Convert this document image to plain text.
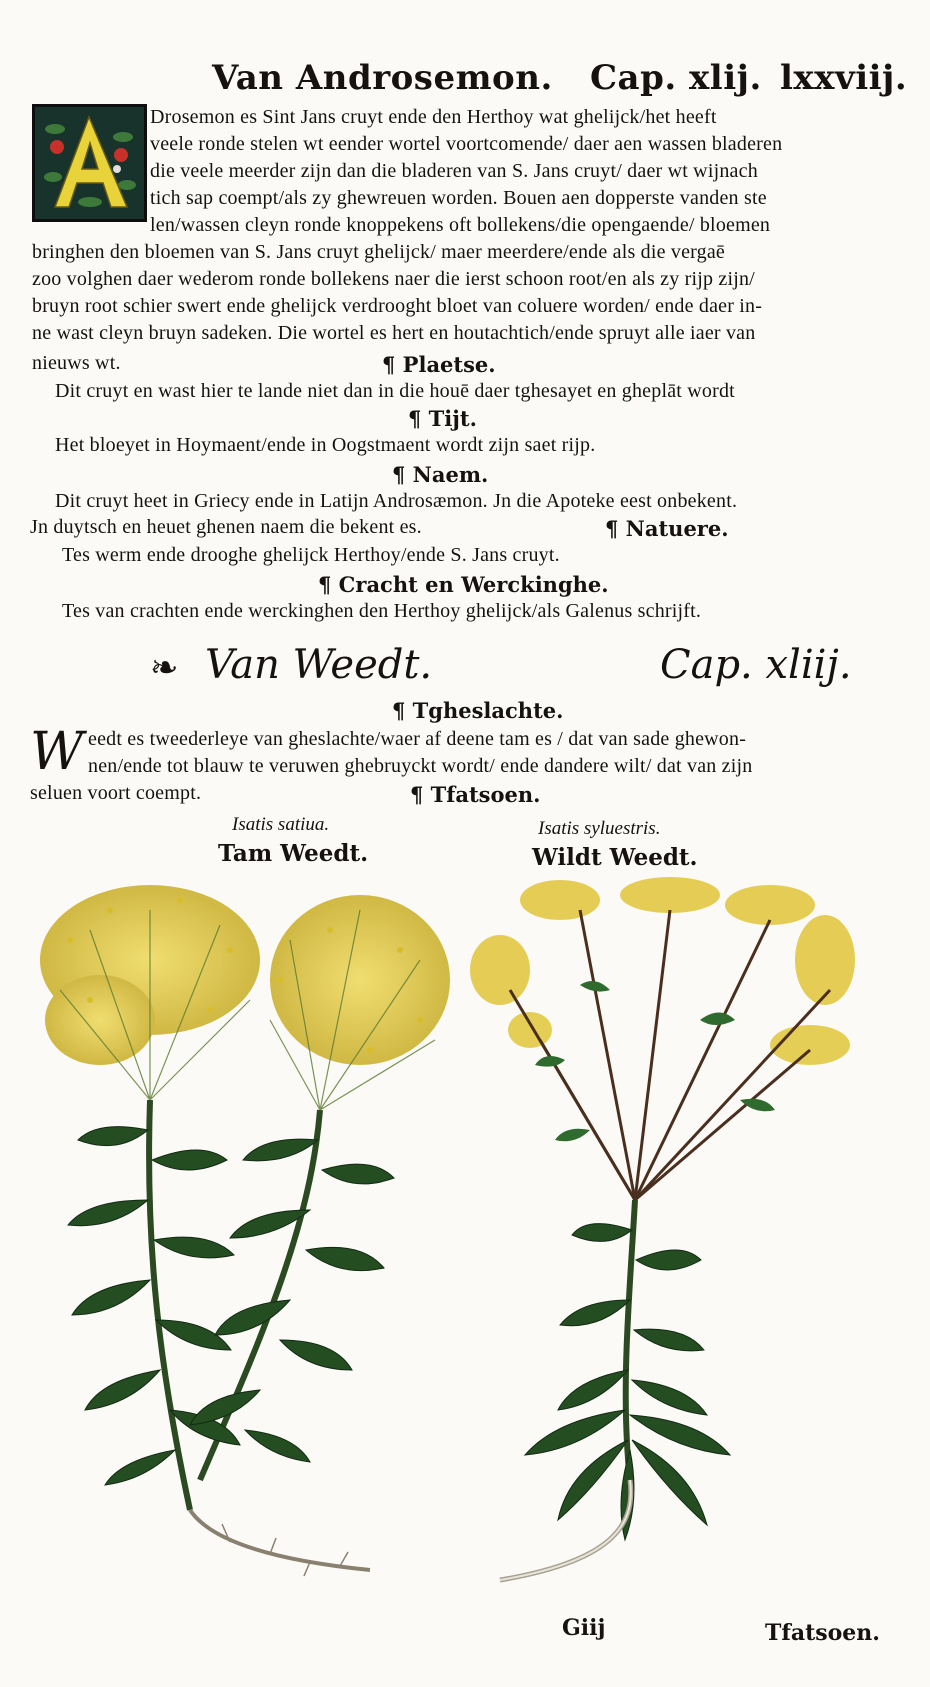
Van Androsemon. Cap. xlij. lxxviij.
Drosemon es Sint Jans cruyt ende den Herthoy wat ghelijck/het heeft
veele ronde stelen wt eender wortel voortcomende/ daer aen wassen bladeren
die veele meerder zijn dan die bladeren van S. Jans cruyt/ daer wt wijnach
tich sap coempt/als zy ghewreuen worden. Bouen aen dopperste vanden ste
len/wassen cleyn ronde knoppekens oft bollekens/die opengaende/ bloemen
bringhen den bloemen van S. Jans cruyt ghelijck/ maer meerdere/ende als die vergaē
zoo volghen daer wederom ronde bollekens naer die ierst schoon root/en als zy rijp zijn/
bruyn root schier swert ende ghelijck verdrooght bloet van coluere worden/ ende daer in-
ne wast cleyn bruyn sadeken. Die wortel es hert en houtachtich/ende spruyt alle iaer van
nieuws wt.	¶ Plaetse.
Dit cruyt en wast hier te lande niet dan in die houē daer tghesayet en gheplāt wordt
¶ Tijt.
Het bloeyet in Hoymaent/ende in Oogstmaent wordt zijn saet rijp.
¶ Naem.
Dit cruyt heet in Griecy ende in Latijn Androsæmon. Jn die Apoteke eest onbekent.
Jn duytsch en heuet ghenen naem die bekent es.	¶ Natuere.
Tes werm ende drooghe ghelijck Herthoy/ende S. Jans cruyt.
¶ Cracht en Werckinghe.
Tes van crachten ende werckinghen den Herthoy ghelijck/als Galenus schrijft.
❧ Van Weedt.	Cap. xliij.
¶ Tgheslachte.
W eedt es tweederleye van gheslachte/waer af deene tam es / dat van sade ghewon-
nen/ende tot blauw te veruwen ghebruyckt wordt/ ende dandere wilt/ dat van zijn
seluen voort coempt.	¶ Tfatsoen.
Isatis satiua.
Tam Weedt.
Isatis syluestris.
Wildt Weedt.
Giij	Tfatsoen.
